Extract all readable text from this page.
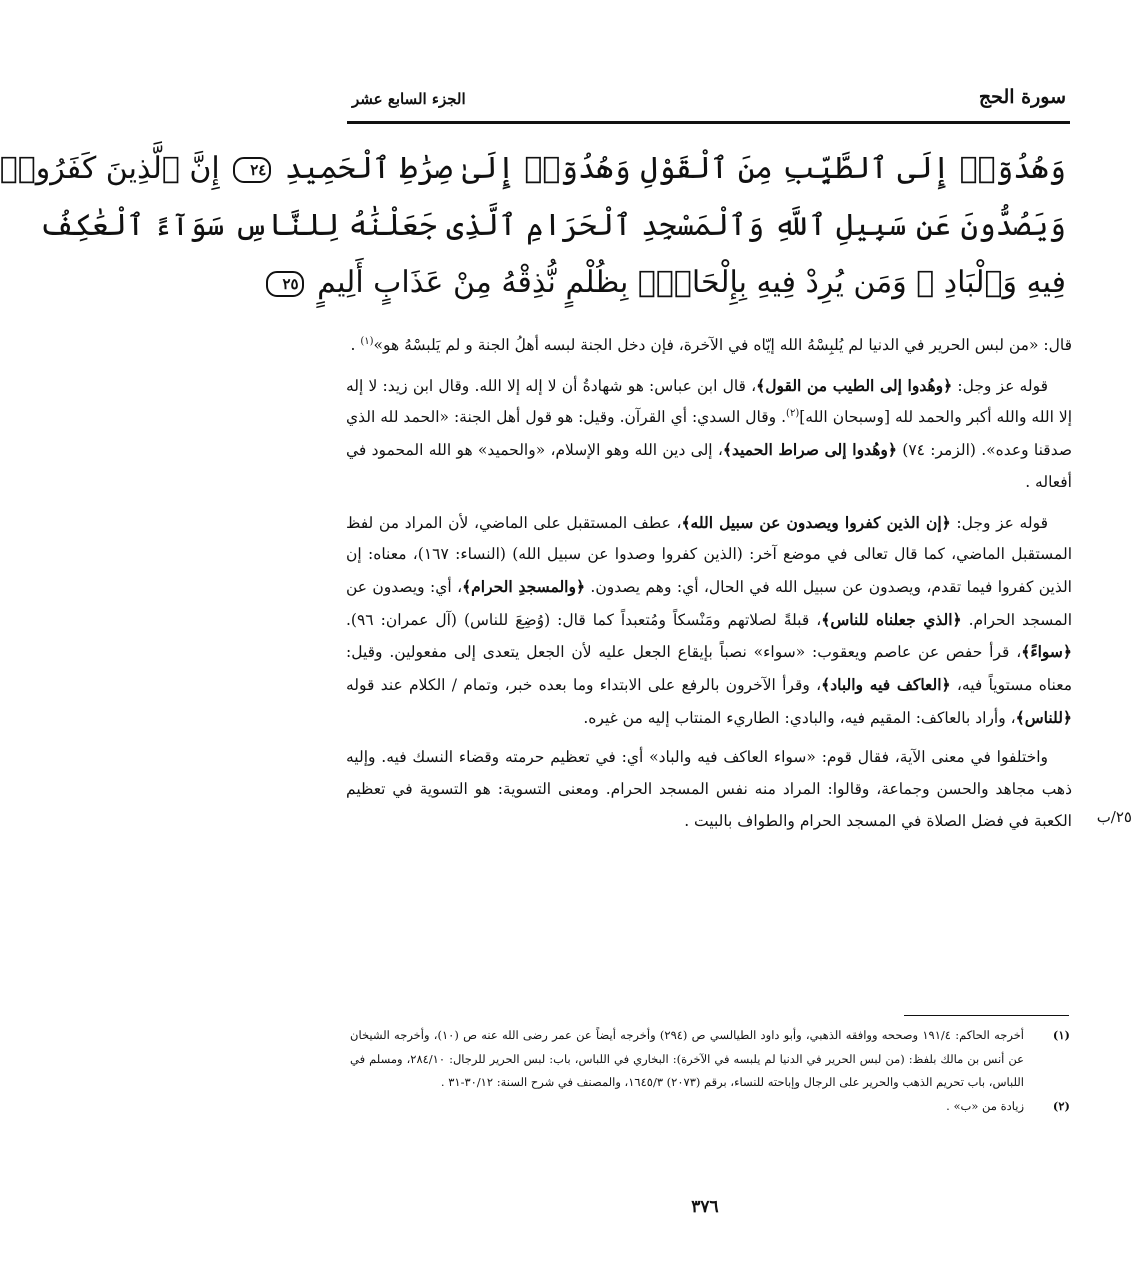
سورة الحج
الجزء السابع عشر
وَهُدُوٓا۟ إِلَى ٱلطَّيِّبِ مِنَ ٱلْقَوْلِ وَهُدُوٓا۟ إِلَىٰ صِرَٰطِ ٱلْحَمِيدِ ٢٤ إِنَّ ٱلَّذِينَ كَفَرُوا۟
وَيَصُدُّونَ عَن سَبِيلِ ٱللَّهِ وَٱلْمَسْجِدِ ٱلْحَرَامِ ٱلَّذِى جَعَلْنَٰهُ لِلنَّاسِ سَوَآءً ٱلْعَٰكِفُ
فِيهِ وَٱلْبَادِ ۚ وَمَن يُرِدْ فِيهِ بِإِلْحَادٍۭ بِظُلْمٍ نُّذِقْهُ مِنْ عَذَابٍ أَلِيمٍ ٢٥

قال: «من لبس الحرير في الدنيا لم يُلبِسْهُ الله إيّاه في الآخرة، فإن دخل الجنة لبسه أهلُ الجنة و لم يَلبسْهُ هو»$^{(١)}$ .

قوله عز وجل: ﴿وهُدوا إلى الطيب من القول﴾، قال ابن عباس: هو شهادةُ أن لا إله إلا الله. وقال ابن زيد: لا إله إلا الله والله أكبر والحمد لله [وسبحان الله]$^{(٢)}$. وقال السدي: أي القرآن. وقيل: هو قول أهل الجنة: «الحمد لله الذي صدقنا وعده». (الزمر: ٧٤) ﴿وهُدوا إلى صراط الحميد﴾، إلى دين الله وهو الإسلام، «والحميد» هو الله المحمود في أفعاله .

قوله عز وجل: ﴿إن الذين كفروا ويصدون عن سبيل الله﴾، عطف المستقبل على الماضي، لأن المراد من لفظ المستقبل الماضي، كما قال تعالى في موضع آخر: (الذين كفروا وصدوا عن سبيل الله) (النساء: ١٦٧)، معناه: إن الذين كفروا فيما تقدم، ويصدون عن سبيل الله في الحال، أي: وهم يصدون. ﴿والمسجدِ الحرام﴾، أي: ويصدون عن المسجد الحرام. ﴿الذي جعلناه للناس﴾، قبلةً لصلاتهم ومَنْسكاً ومُتعبداً كما قال: (وُضِعَ للناس) (آل عمران: ٩٦). ﴿سواءً﴾، قرأ حفص عن عاصم ويعقوب: «سواء» نصباً بإيقاع الجعل عليه لأن الجعل يتعدى إلى مفعولين. وقيل: معناه مستوياً فيه، ﴿العاكف فيه والباد﴾، وقرأ الآخرون بالرفع على الابتداء وما بعده خبر، وتمام / الكلام عند قوله ﴿للناس﴾، وأراد بالعاكف: المقيم فيه، والبادي: الطاريء المنتاب إليه من غيره.

واختلفوا في معنى الآية، فقال قوم: «سواء العاكف فيه والباد» أي: في تعظيم حرمته وقضاء النسك فيه. وإليه ذهب مجاهد والحسن وجماعة، وقالوا: المراد منه نفس المسجد الحرام. ومعنى التسوية: هو التسوية في تعظيم الكعبة في فضل الصلاة في المسجد الحرام والطواف بالبيت .	٢٥/ب
(١)
أخرجه الحاكم: ١٩١/٤ وصححه ووافقه الذهبي، وأبو داود الطيالسي ص (٢٩٤) وأخرجه أيضاً عن عمر رضى الله عنه ص (١٠)، وأخرجه الشيخان عن أنس بن مالك بلفظ: (من لبس الحرير في الدنيا لم يلبسه في الآخرة): البخاري في اللباس، باب: لبس الحرير للرجال: ٢٨٤/١٠، ومسلم في اللباس، باب تحريم الذهب والحرير على الرجال وإباحته للنساء، برقم (٢٠٧٣) ١٦٤٥/٣، والمصنف في شرح السنة: ٣٠/١٢-٣١ .
(٢)
زيادة من «ب» .
٣٧٦
